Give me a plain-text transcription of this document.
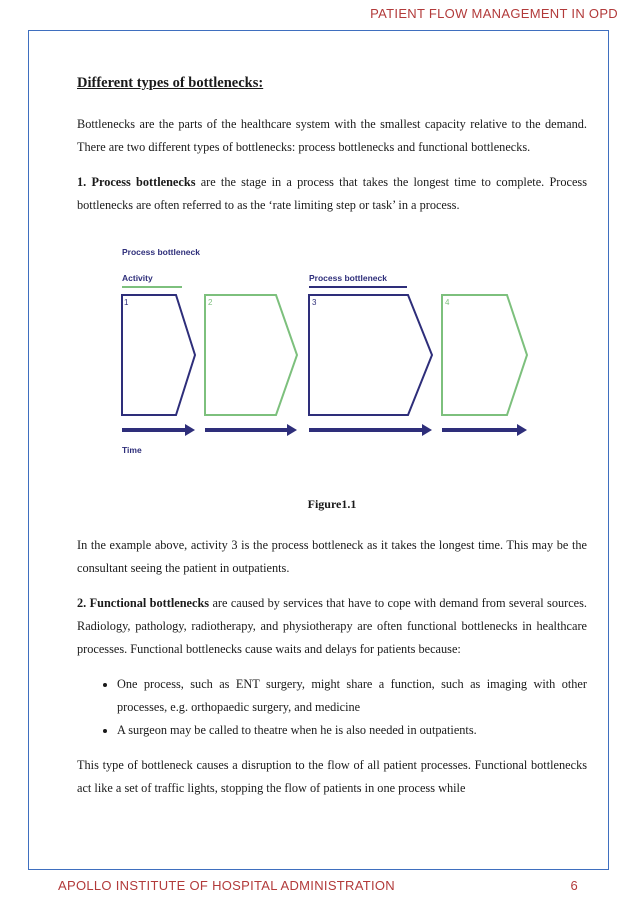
PATIENT FLOW MANAGEMENT IN OPD
Different types of bottlenecks:

Bottlenecks are the parts of the healthcare system with the smallest capacity relative to the demand. There are two different types of bottlenecks: process bottlenecks and functional bottlenecks.

1. Process bottlenecks are the stage in a process that takes the longest time to complete. Process bottlenecks are often referred to as the ‘rate limiting step or task’ in a process.

Process bottleneck
Activity	Process bottleneck
1	2	3	4
Time
Figure1.1

In the example above, activity 3 is the process bottleneck as it takes the longest time. This may be the consultant seeing the patient in outpatients.

2. Functional bottlenecks are caused by services that have to cope with demand from several sources. Radiology, pathology, radiotherapy, and physiotherapy are often functional bottlenecks in healthcare processes. Functional bottlenecks cause waits and delays for patients because:

• One process, such as ENT surgery, might share a function, such as imaging with other processes, e.g. orthopaedic surgery, and medicine
• A surgeon may be called to theatre when he is also needed in outpatients.

This type of bottleneck causes a disruption to the flow of all patient processes. Functional bottlenecks act like a set of traffic lights, stopping the flow of patients in one process while

APOLLO INSTITUTE OF HOSPITAL ADMINISTRATION	6
